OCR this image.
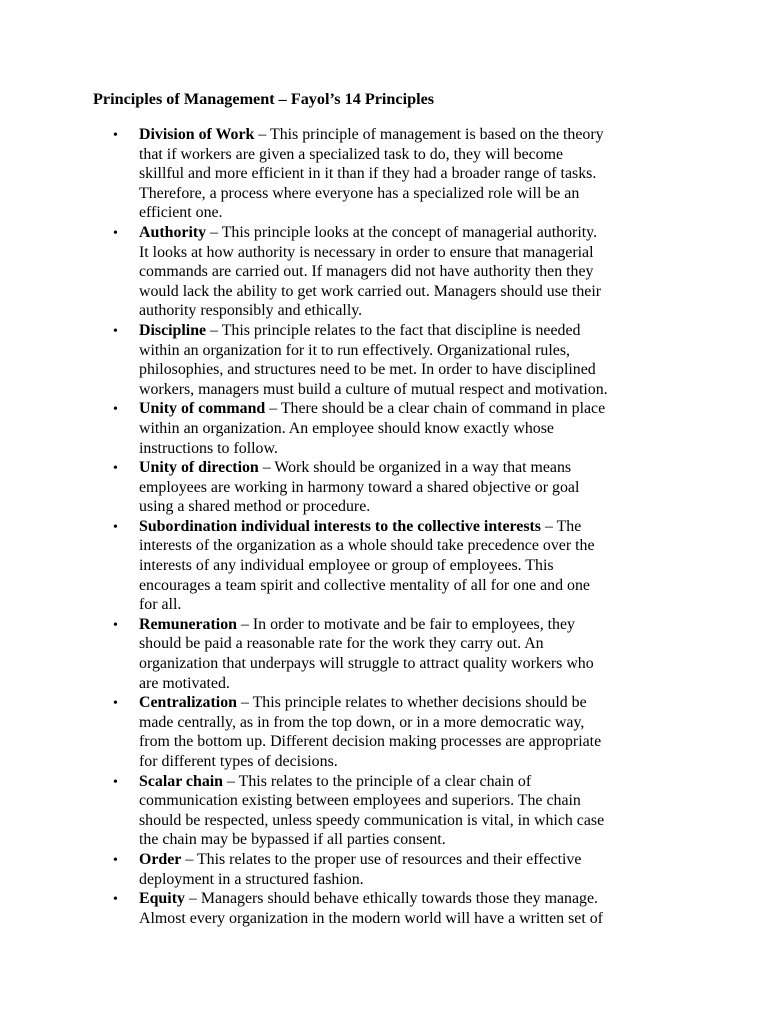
Principles of Management – Fayol’s 14 Principles
• Division of Work – This principle of management is based on the theory
that if workers are given a specialized task to do, they will become
skillful and more efficient in it than if they had a broader range of tasks.
Therefore, a process where everyone has a specialized role will be an
efficient one.
• Authority – This principle looks at the concept of managerial authority.
It looks at how authority is necessary in order to ensure that managerial
commands are carried out. If managers did not have authority then they
would lack the ability to get work carried out. Managers should use their
authority responsibly and ethically.
• Discipline – This principle relates to the fact that discipline is needed
within an organization for it to run effectively. Organizational rules,
philosophies, and structures need to be met. In order to have disciplined
workers, managers must build a culture of mutual respect and motivation.
• Unity of command – There should be a clear chain of command in place
within an organization. An employee should know exactly whose
instructions to follow.
• Unity of direction – Work should be organized in a way that means
employees are working in harmony toward a shared objective or goal
using a shared method or procedure.
• Subordination individual interests to the collective interests – The
interests of the organization as a whole should take precedence over the
interests of any individual employee or group of employees. This
encourages a team spirit and collective mentality of all for one and one
for all.
• Remuneration – In order to motivate and be fair to employees, they
should be paid a reasonable rate for the work they carry out. An
organization that underpays will struggle to attract quality workers who
are motivated.
• Centralization – This principle relates to whether decisions should be
made centrally, as in from the top down, or in a more democratic way,
from the bottom up. Different decision making processes are appropriate
for different types of decisions.
• Scalar chain – This relates to the principle of a clear chain of
communication existing between employees and superiors. The chain
should be respected, unless speedy communication is vital, in which case
the chain may be bypassed if all parties consent.
• Order – This relates to the proper use of resources and their effective
deployment in a structured fashion.
• Equity – Managers should behave ethically towards those they manage.
Almost every organization in the modern world will have a written set of
